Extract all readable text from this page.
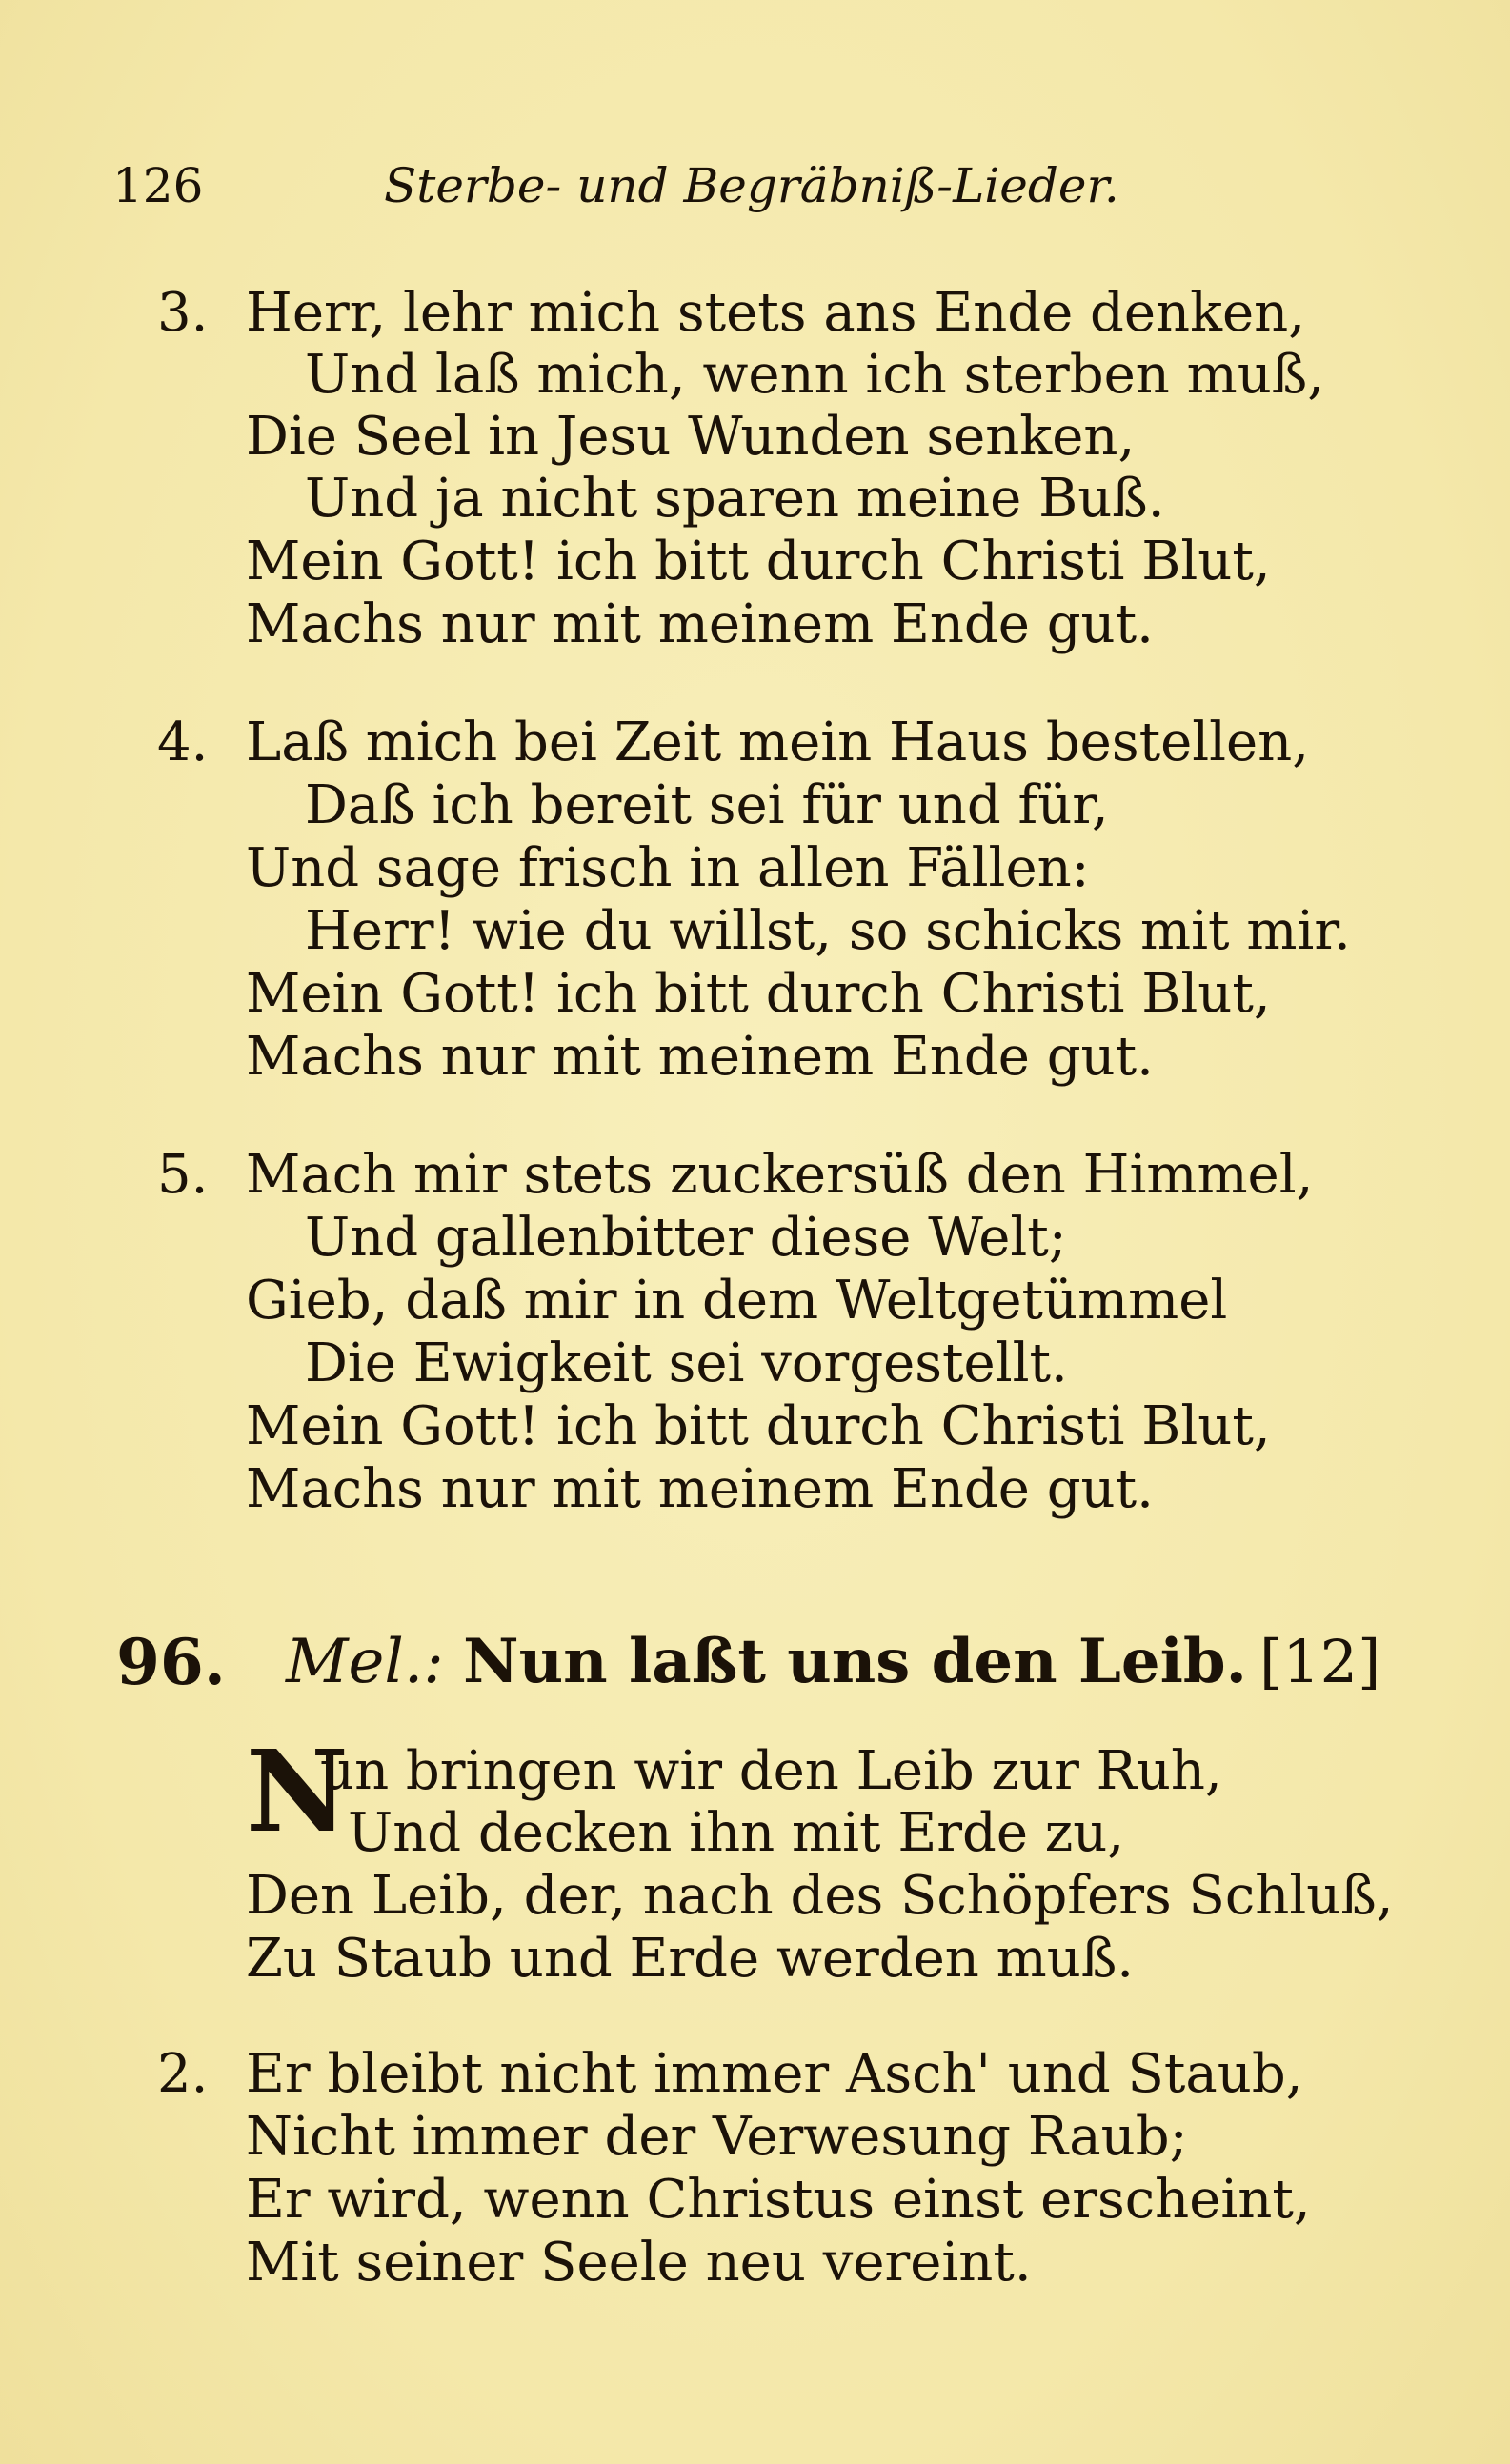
126	Sterbe- und Begräbniß-Lieder.
3. Herr, lehr mich stets ans Ende denken,
Und laß mich, wenn ich sterben muß,
Die Seel in Jesu Wunden senken,
Und ja nicht sparen meine Buß.
Mein Gott! ich bitt durch Christi Blut,
Machs nur mit meinem Ende gut.
4. Laß mich bei Zeit mein Haus bestellen,
Daß ich bereit sei für und für,
Und sage frisch in allen Fällen:
Herr! wie du willst, so schicks mit mir.
Mein Gott! ich bitt durch Christi Blut,
Machs nur mit meinem Ende gut.
5. Mach mir stets zuckersüß den Himmel,
Und gallenbitter diese Welt;
Gieb, daß mir in dem Weltgetümmel
Die Ewigkeit sei vorgestellt.
Mein Gott! ich bitt durch Christi Blut,
Machs nur mit meinem Ende gut.
96. Mel.: Nun laßt uns den Leib. [12]
N
un bringen wir den Leib zur Ruh,
Und decken ihn mit Erde zu,
Den Leib, der, nach des Schöpfers Schluß,
Zu Staub und Erde werden muß.
2. Er bleibt nicht immer Asch' und Staub,
Nicht immer der Verwesung Raub;
Er wird, wenn Christus einst erscheint,
Mit seiner Seele neu vereint.
